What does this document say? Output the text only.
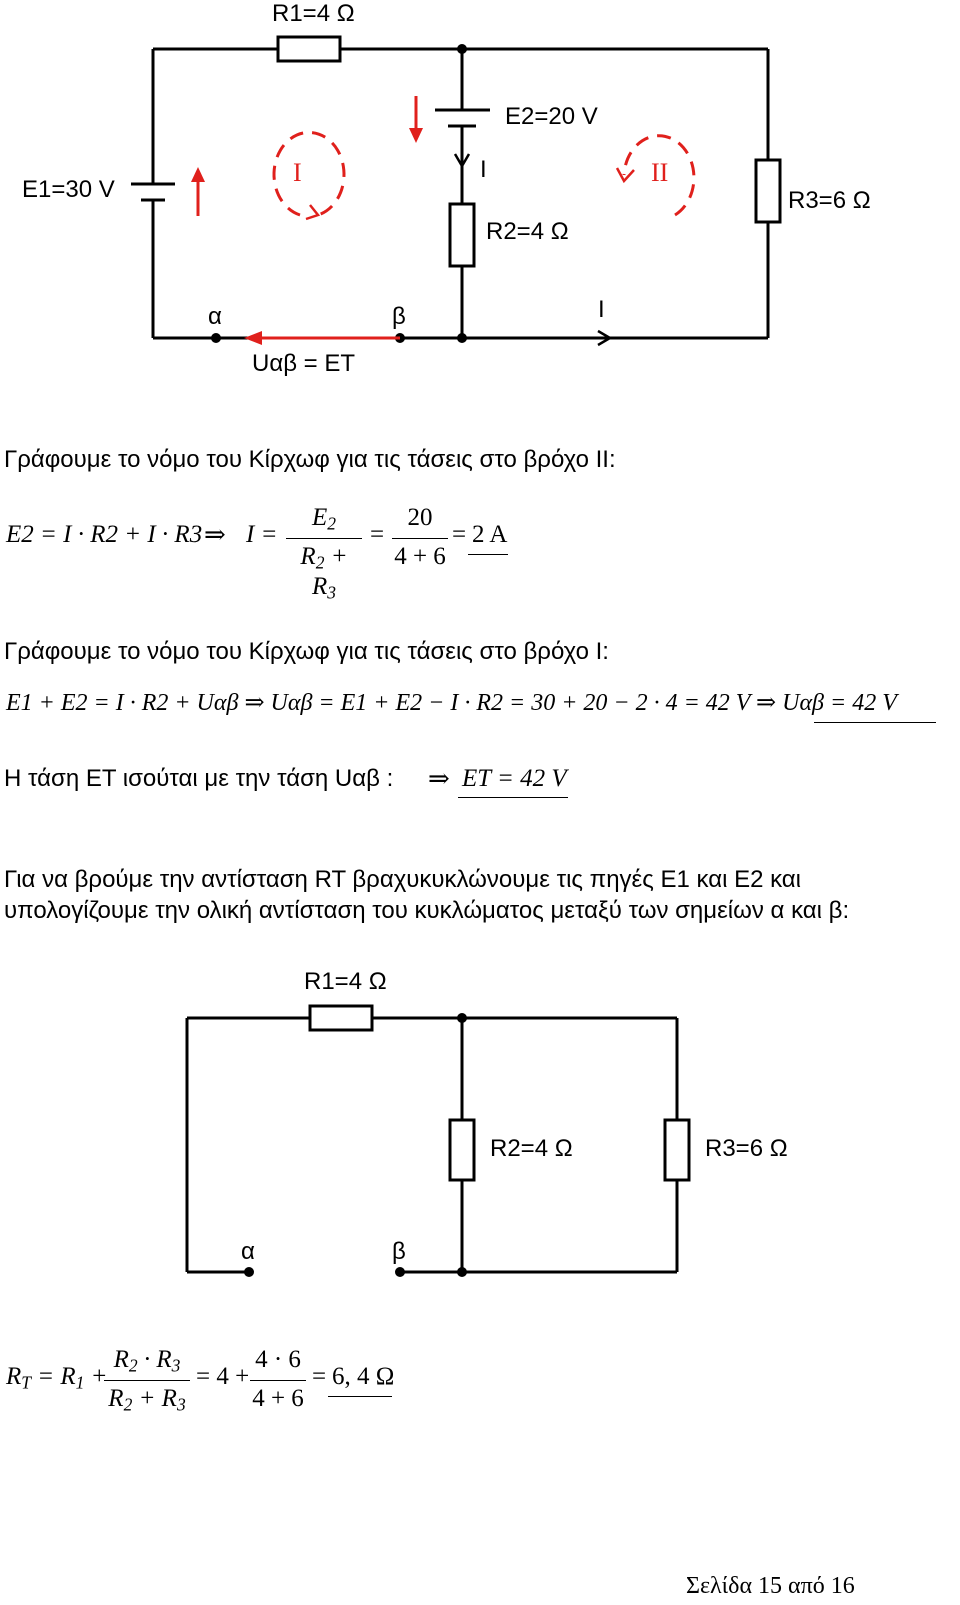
R1=4 Ω
E2=20 V
E1=30 V
R2=4 Ω
R3=6 Ω
I	II
I
I
α	β
Uαβ = ET
Γράφουμε το νόμο του Κίρχωφ για τις τάσεις στο βρόχο ΙΙ:
E2 = I · R2 + I · R3 ⇒ I =
$E_2$
$R_2 + R_3$
=
20
4 + 6
= 2 A
Γράφουμε το νόμο του Κίρχωφ για τις τάσεις στο βρόχο Ι:
E1 + E2 = I · R2 + Uαβ ⇒ Uαβ = E1 + E2 − I · R2 = 30 + 20 − 2 · 4 = 42 V ⇒ Uαβ = 42 V
Η τάση ET ισούται με την τάση Uαβ : ⇒ ET = 42 V
Για να βρούμε την αντίσταση RT βραχυκυκλώνουμε τις πηγές E1 και E2 και
υπολογίζουμε την ολική αντίσταση του κυκλώματος μεταξύ των σημείων α και β:
R1=4 Ω
R2=4 Ω	R3=6 Ω
α	β
$R_T = R_1$ +
$R_2 \cdot R_3$
$R_2 + R_3$
= 4 +
4 · 6
4 + 6
= 6, 4 Ω
Σελίδα 15 από 16
